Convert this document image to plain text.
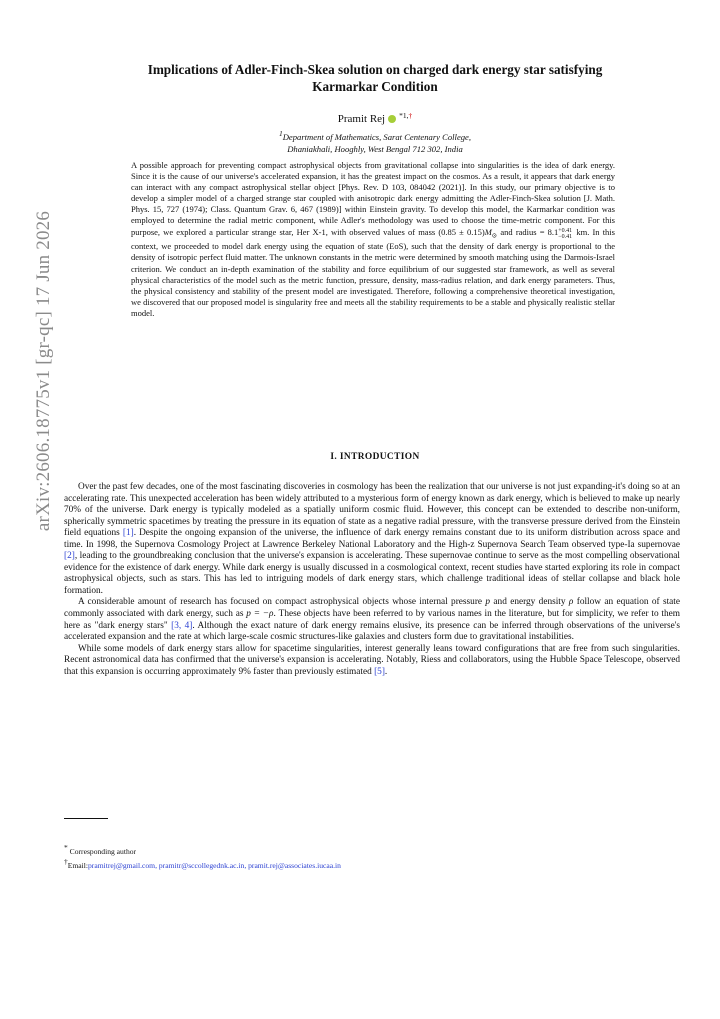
arXiv:2606.18775v1 [gr-qc] 17 Jun 2026
Implications of Adler-Finch-Skea solution on charged dark energy star satisfying
Karmarkar Condition
Pramit Rej $^{*1,\dagger}$
1Department of Mathematics, Sarat Centenary College,
Dhaniakhali, Hooghly, West Bengal 712 302, India
A possible approach for preventing compact astrophysical objects from gravitational collapse into singularities is the idea of dark energy. Since it is the cause of our universe's accelerated expansion, it has the greatest impact on the cosmos. As a result, it appears that dark energy can interact with any compact astrophysical stellar object [Phys. Rev. D 103, 084042 (2021)]. In this study, our primary objective is to develop a simpler model of a charged strange star coupled with anisotropic dark energy admitting the Adler-Finch-Skea solution [J. Math. Phys. 15, 727 (1974); Class. Quantum Grav. 6, 467 (1989)] within Einstein gravity. To develop this model, the Karmarkar condition was employed to determine the radial metric component, while Adler's methodology was used to choose the time-metric component. For this purpose, we explored a particular strange star, Her X-1, with observed values of mass $(0.85 \pm 0.15)M_⊙$ and radius = 8.1 +0.41
−0.41 km. In this context, we proceeded to model dark energy using the equation of state (EoS), such that the density of dark energy is proportional to the density of isotropic perfect fluid matter. The unknown constants in the metric were determined by smooth matching using the Darmois-Israel criterion. We conduct an in-depth examination of the stability and force equilibrium of our suggested star framework, as well as several physical characteristics of the model such as the metric function, pressure, density, mass-radius relation, and dark energy parameters. Thus, the physical consistency and stability of the present model are investigated. Therefore, following a comprehensive theoretical investigation, we discovered that our proposed model is singularity free and meets all the stability requirements to be a stable and physically realistic stellar model.
I. INTRODUCTION

Over the past few decades, one of the most fascinating discoveries in cosmology has been the realization that our universe is not just expanding-it's doing so at an accelerating rate. This unexpected acceleration has been widely attributed to a mysterious form of energy known as dark energy, which is believed to make up nearly 70% of the universe. Dark energy is typically modeled as a spatially uniform cosmic fluid. However, this concept can be extended to describe non-uniform, spherically symmetric spacetimes by treating the pressure in its equation of state as a negative radial pressure, with the transverse pressure derived from the Einstein field equations [1]. Despite the ongoing expansion of the universe, the influence of dark energy remains constant due to its uniform distribution across space and time. In 1998, the Supernova Cosmology Project at Lawrence Berkeley National Laboratory and the High-z Supernova Search Team observed type-Ia supernovae [2], leading to the groundbreaking conclusion that the universe's expansion is accelerating. These supernovae continue to serve as the most compelling observational evidence for the existence of dark energy. While dark energy is usually discussed in a cosmological context, recent studies have started exploring its role in compact astrophysical objects, such as stars. This has led to intriguing models of dark energy stars, which challenge traditional ideas of stellar collapse and black hole formation.

A considerable amount of research has focused on compact astrophysical objects whose internal pressure p and energy density ρ follow an equation of state commonly associated with dark energy, such as p = −ρ. These objects have been referred to by various names in the literature, but for simplicity, we refer to them here as "dark energy stars" [3, 4]. Although the exact nature of dark energy remains elusive, its presence can be inferred through observations of the universe's accelerated expansion and the rate at which large-scale cosmic structures-like galaxies and clusters form due to gravitational instabilities.

While some models of dark energy stars allow for spacetime singularities, interest generally leans toward configurations that are free from such singularities. Recent astronomical data has confirmed that the universe's expansion is accelerating. Notably, Riess and collaborators, using the Hubble Space Telescope, observed that this expansion is occurring approximately 9% faster than previously estimated [5].

* Corresponding author
†Email:pramitrej@gmail.com, pramitr@sccollegednk.ac.in, pramit.rej@associates.iucaa.in
